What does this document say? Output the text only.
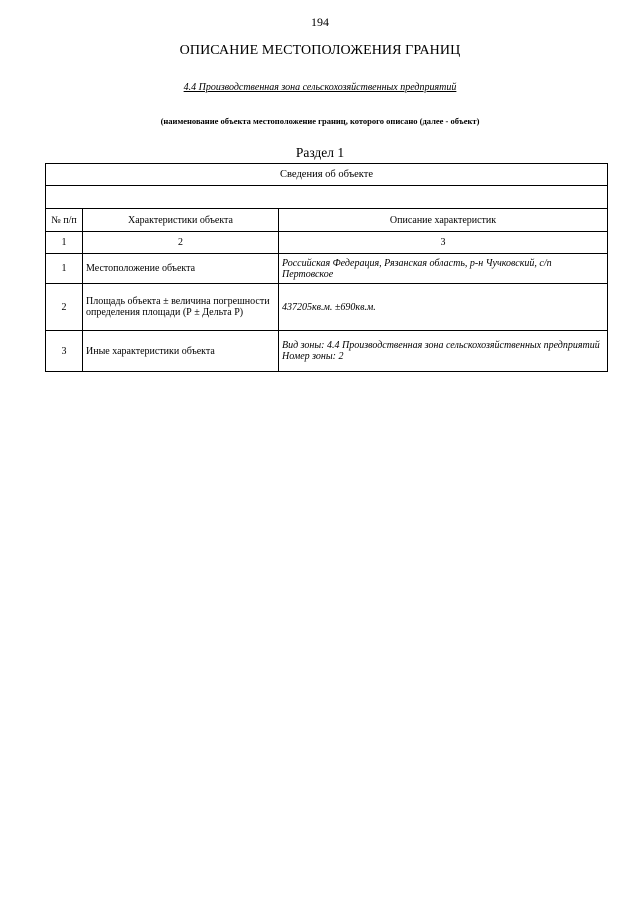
194
ОПИСАНИЕ МЕСТОПОЛОЖЕНИЯ ГРАНИЦ
4.4 Производственная зона сельскохозяйственных предприятий
(наименование объекта местоположение границ, которого описано (далее - объект)
Раздел 1
Сведения об объекте		

№ п/п	Характеристики объекта	Описание характеристик
1	2	3
1	Местоположение объекта	Российская Федерация, Рязанская область, р-н Чучковский, с/п Пертовское
2	Площадь объекта ± величина погрешности определения площади (Р ± Дельта Р)	437205кв.м. ±690кв.м.
3	Иные характеристики объекта	Вид зоны: 4.4 Производственная зона сельскохозяйственных предприятий
Номер зоны: 2
